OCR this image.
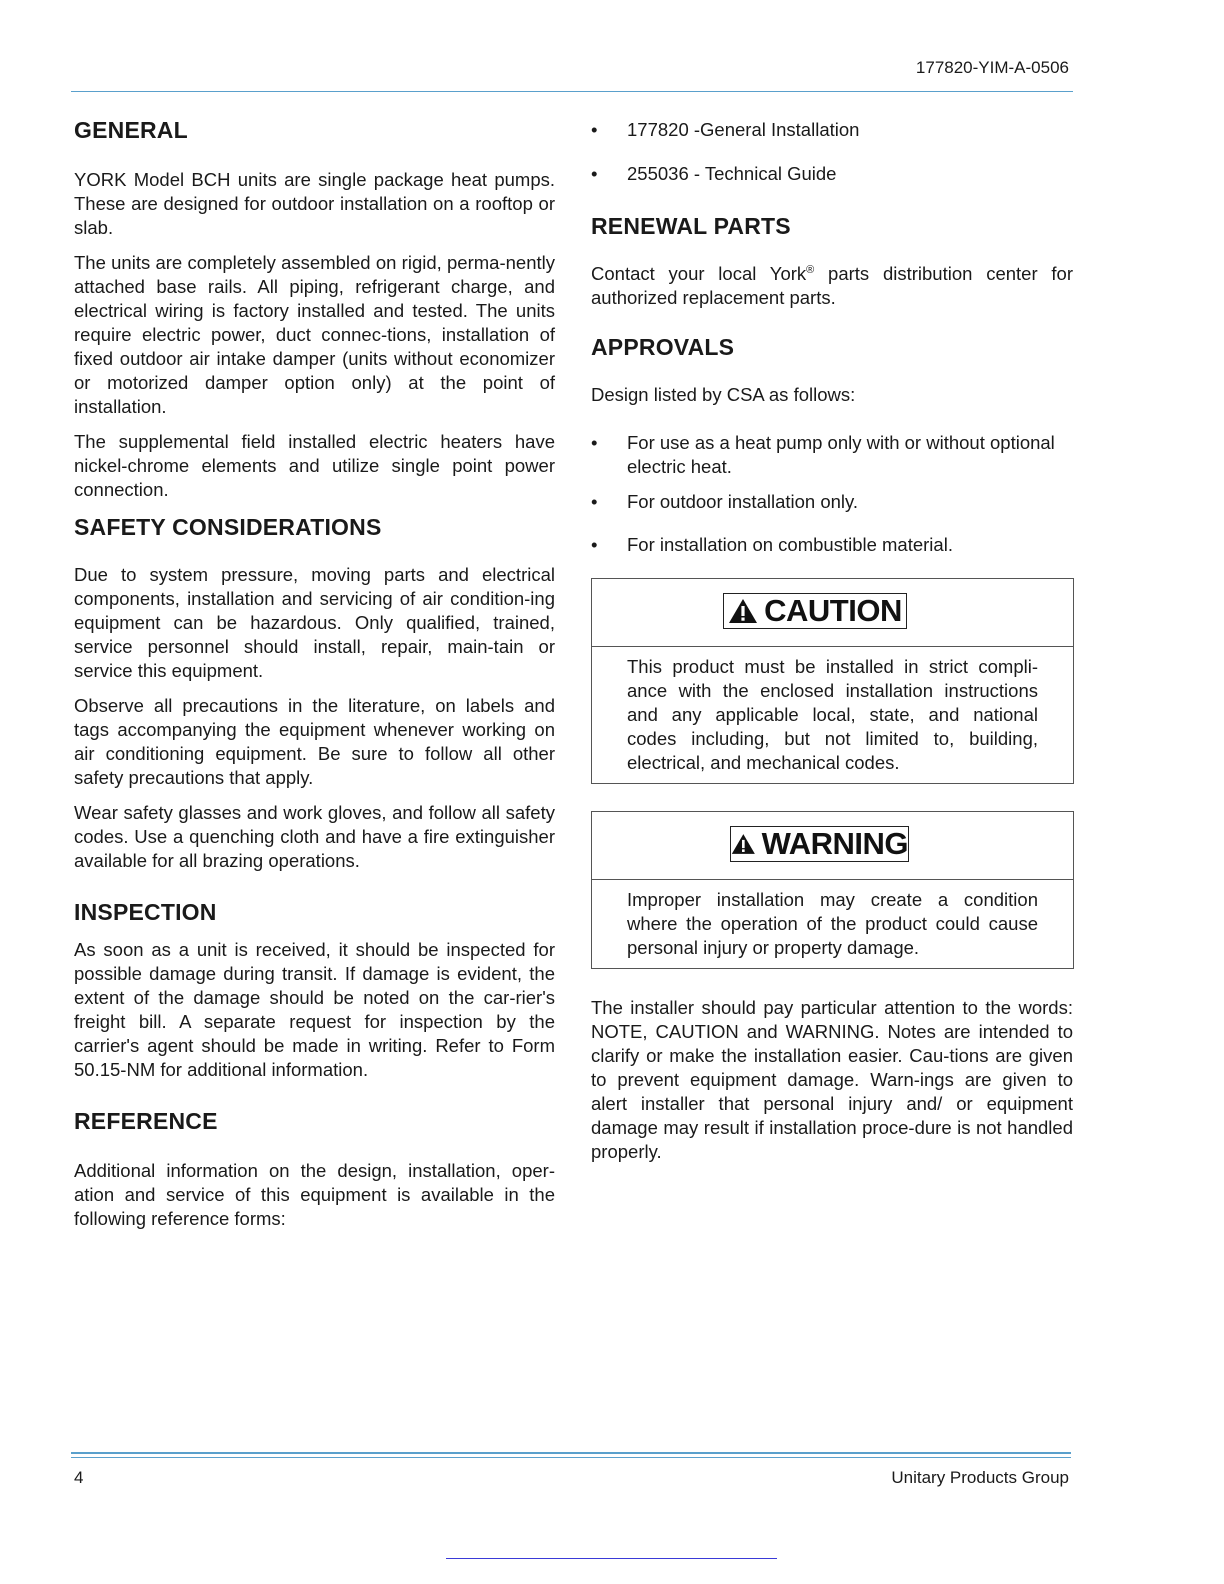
177820-YIM-A-0506
GENERAL

YORK Model BCH units are single package heat pumps. These are designed for outdoor installation on a rooftop or slab.

The units are completely assembled on rigid, perma-nently attached base rails. All piping, refrigerant charge, and electrical wiring is factory installed and tested. The units require electric power, duct connec-tions, installation of fixed outdoor air intake damper (units without economizer or motorized damper option only) at the point of installation.

The supplemental field installed electric heaters have nickel-chrome elements and utilize single point power connection.

SAFETY CONSIDERATIONS

Due to system pressure, moving parts and electrical components, installation and servicing of air condition-ing equipment can be hazardous. Only qualified, trained, service personnel should install, repair, main-tain or service this equipment.

Observe all precautions in the literature, on labels and tags accompanying the equipment whenever working on air conditioning equipment. Be sure to follow all other safety precautions that apply.

Wear safety glasses and work gloves, and follow all safety codes. Use a quenching cloth and have a fire extinguisher available for all brazing operations.

INSPECTION

As soon as a unit is received, it should be inspected for possible damage during transit. If damage is evident, the extent of the damage should be noted on the car-rier's freight bill. A separate request for inspection by the carrier's agent should be made in writing. Refer to Form 50.15-NM for additional information.

REFERENCE

Additional information on the design, installation, oper-ation and service of this equipment is available in the following reference forms:

• 177820 -General Installation
• 255036 - Technical Guide
RENEWAL PARTS

Contact your local York® parts distribution center for authorized replacement parts.

APPROVALS

Design listed by CSA as follows:

• For use as a heat pump only with or without optional electric heat.
• For outdoor installation only.
• For installation on combustible material.
CAUTION

This product must be installed in strict compli-ance with the enclosed installation instructions and any applicable local, state, and national codes including, but not limited to, building, electrical, and mechanical codes.

WARNING

Improper installation may create a condition where the operation of the product could cause personal injury or property damage.

The installer should pay particular attention to the words: NOTE, CAUTION and WARNING. Notes are intended to clarify or make the installation easier. Cau-tions are given to prevent equipment damage. Warn-ings are given to alert installer that personal injury and/ or equipment damage may result if installation proce-dure is not handled properly.

4	Unitary Products Group
